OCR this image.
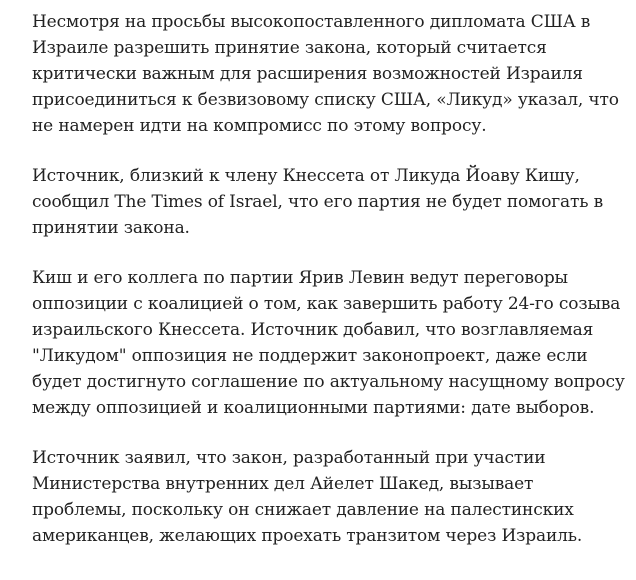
Несмотря на просьбы высокопоставленного дипломата США в Израиле разрешить принятие закона, который считается критически важным для расширения возможностей Израиля присоединиться к безвизовому списку США, «Ликуд» указал, что не намерен идти на компромисс по этому вопросу.

Источник, близкий к члену Кнессета от Ликуда Йоаву Кишу, сообщил The Times of Israel, что его партия не будет помогать в принятии закона.

Киш и его коллега по партии Ярив Левин ведут переговоры оппозиции с коалицией о том, как завершить работу 24-го созыва израильского Кнессета. Источник добавил, что возглавляемая "Ликудом" оппозиция не поддержит законопроект, даже если будет достигнуто соглашение по актуальному насущному вопросу между оппозицией и коалиционными партиями: дате выборов.

Источник заявил, что закон, разработанный при участии Министерства внутренних дел Айелет Шакед, вызывает проблемы, поскольку он снижает давление на палестинских американцев, желающих проехать транзитом через Израиль.
